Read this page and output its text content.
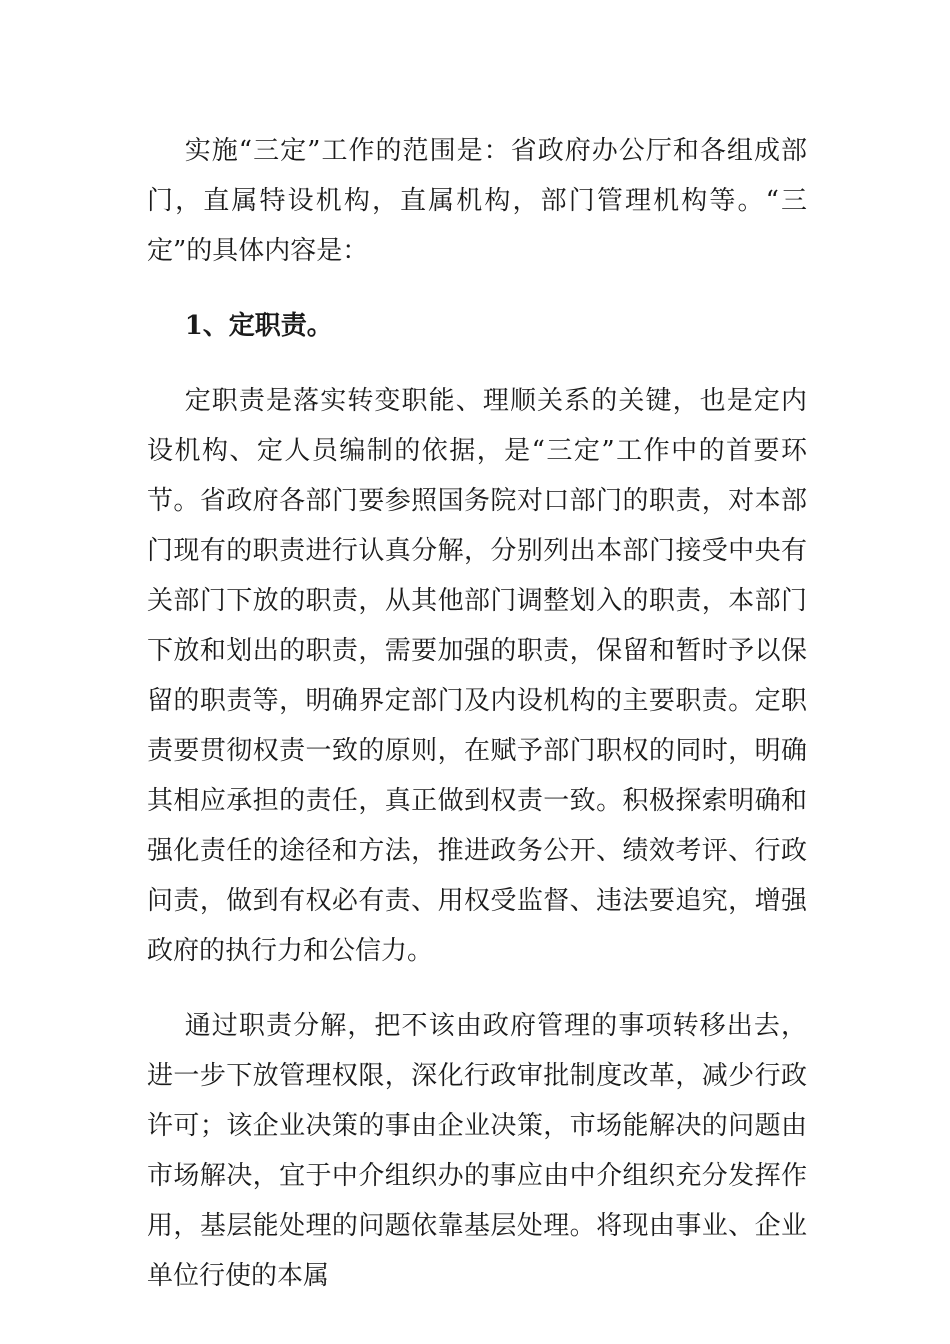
实施“三定”工作的范围是：省政府办公厅和各组成部门，直属特设机构，直属机构，部门管理机构等。“三定”的具体内容是：

1、定职责。

定职责是落实转变职能、理顺关系的关键，也是定内设机构、定人员编制的依据，是“三定”工作中的首要环节。省政府各部门要参照国务院对口部门的职责，对本部门现有的职责进行认真分解，分别列出本部门接受中央有关部门下放的职责，从其他部门调整划入的职责，本部门下放和划出的职责，需要加强的职责，保留和暂时予以保留的职责等，明确界定部门及内设机构的主要职责。定职责要贯彻权责一致的原则，在赋予部门职权的同时，明确其相应承担的责任，真正做到权责一致。积极探索明确和强化责任的途径和方法，推进政务公开、绩效考评、行政问责，做到有权必有责、用权受监督、违法要追究，增强政府的执行力和公信力。

通过职责分解，把不该由政府管理的事项转移出去，进一步下放管理权限，深化行政审批制度改革，减少行政许可；该企业决策的事由企业决策，市场能解决的问题由市场解决，宜于中介组织办的事应由中介组织充分发挥作用，基层能处理的问题依靠基层处理。将现由事业、企业单位行使的本属
